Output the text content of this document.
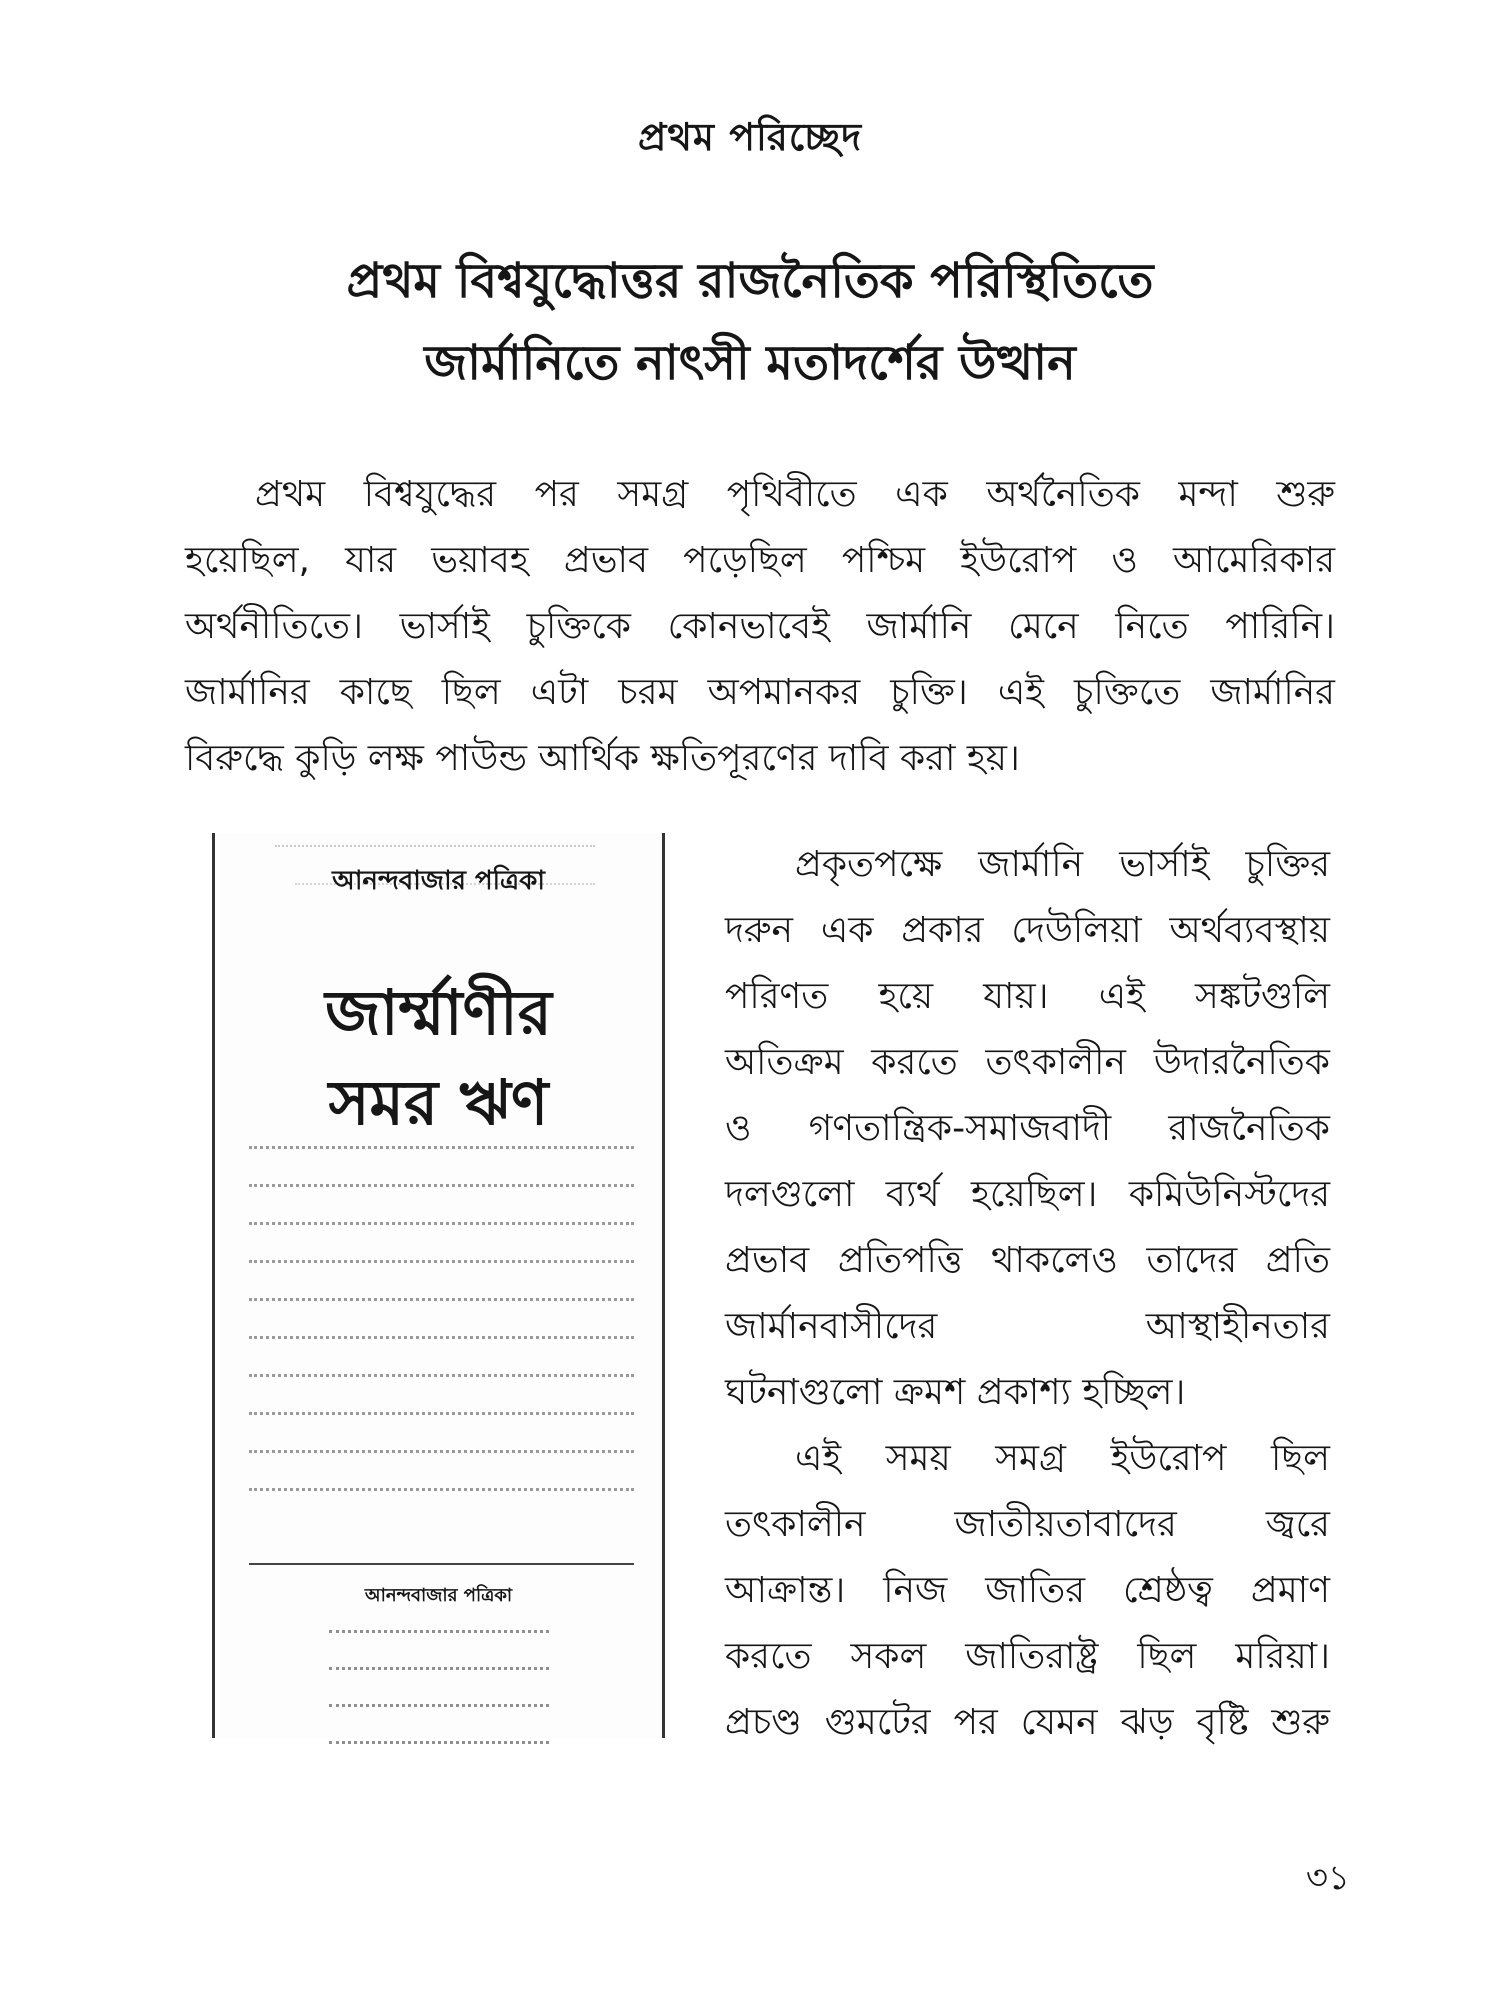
প্রথম পরিচ্ছেদ
প্রথম বিশ্বযুদ্ধোত্তর রাজনৈতিক পরিস্থিতিতে
জার্মানিতে নাৎসী মতাদর্শের উত্থান
প্রথম বিশ্বযুদ্ধের পর সমগ্র পৃথিবীতে এক অর্থনৈতিক মন্দা শুরু
হয়েছিল, যার ভয়াবহ প্রভাব পড়েছিল পশ্চিম ইউরোপ ও আমেরিকার
অর্থনীতিতে। ভার্সাই চুক্তিকে কোনভাবেই জার্মানি মেনে নিতে পারিনি।
জার্মানির কাছে ছিল এটা চরম অপমানকর চুক্তি। এই চুক্তিতে জার্মানির
বিরুদ্ধে কুড়ি লক্ষ পাউন্ড আর্থিক ক্ষতিপূরণের দাবি করা হয়।
আনন্দবাজার পত্রিকা
জার্ম্মাণীর
সমর ঋণ
আনন্দবাজার পত্রিকা
প্রকৃতপক্ষে জার্মানি ভার্সাই চুক্তির
দরুন এক প্রকার দেউলিয়া অর্থব্যবস্থায়
পরিণত হয়ে যায়। এই সঙ্কটগুলি
অতিক্রম করতে তৎকালীন উদারনৈতিক
ও গণতান্ত্রিক-সমাজবাদী রাজনৈতিক
দলগুলো ব্যর্থ হয়েছিল। কমিউনিস্টদের
প্রভাব প্রতিপত্তি থাকলেও তাদের প্রতি
জার্মানবাসীদের আস্থাহীনতার
ঘটনাগুলো ক্রমশ প্রকাশ্য হচ্ছিল।
এই সময় সমগ্র ইউরোপ ছিল
তৎকালীন জাতীয়তাবাদের জ্বরে
আক্রান্ত। নিজ জাতির শ্রেষ্ঠত্ব প্রমাণ
করতে সকল জাতিরাষ্ট্র ছিল মরিয়া।
প্রচণ্ড গুমটের পর যেমন ঝড় বৃষ্টি শুরু
৩১
